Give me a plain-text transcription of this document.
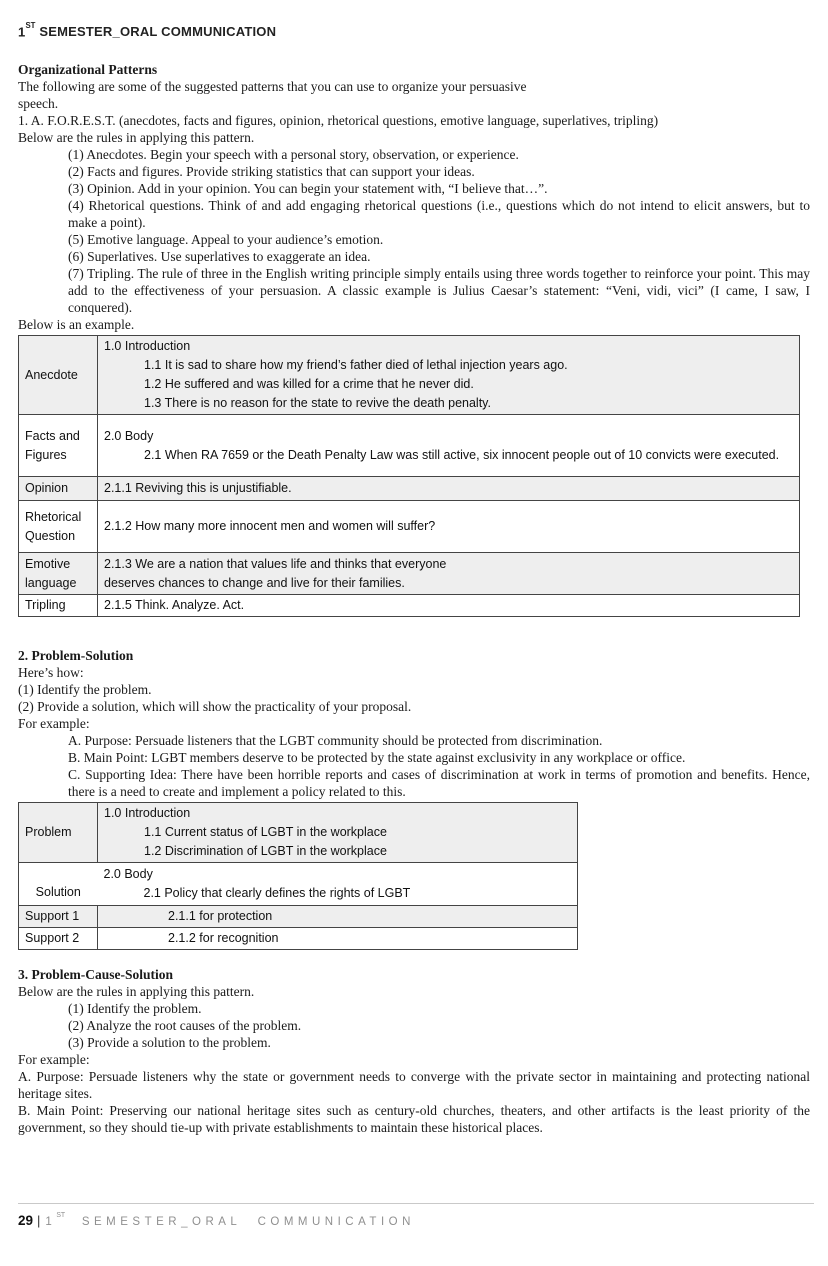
1ST SEMESTER_ORAL COMMUNICATION
Organizational Patterns
The following are some of the suggested patterns that you can use to organize your persuasive
speech.
1. A. F.O.R.E.S.T. (anecdotes, facts and figures, opinion, rhetorical questions, emotive language, superlatives, tripling)
Below are the rules in applying this pattern.
(1) Anecdotes. Begin your speech with a personal story, observation, or experience.
(2) Facts and figures. Provide striking statistics that can support your ideas.
(3) Opinion. Add in your opinion. You can begin your statement with, “I believe that…”.
(4) Rhetorical questions. Think of and add engaging rhetorical questions (i.e., questions which do not intend to elicit answers, but to make a point).
(5) Emotive language. Appeal to your audience’s emotion.
(6) Superlatives. Use superlatives to exaggerate an idea.
(7) Tripling. The rule of three in the English writing principle simply entails using three words together to reinforce your point. This may add to the effectiveness of your persuasion. A classic example is Julius Caesar’s statement: “Veni, vidi, vici” (I came, I saw, I conquered).
Below is an example.
Anecdote	1.0 Introduction
1.1 It is sad to share how my friend’s father died of lethal injection years ago.
1.2 He suffered and was killed for a crime that he never did.
1.3 There is no reason for the state to revive the death penalty.

Facts and Figures	2.0 Body
2.1 When RA 7659 or the Death Penalty Law was still active, six innocent people out of 10 convicts were executed.

Opinion	2.1.1 Reviving this is unjustifiable.

Rhetorical Question	2.1.2 How many more innocent men and women will suffer?

Emotive language	2.1.3 We are a nation that values life and thinks that everyone
deserves chances to change and live for their families.

Tripling	2.1.5 Think. Analyze. Act.
2. Problem-Solution
Here’s how:
(1) Identify the problem.
(2) Provide a solution, which will show the practicality of your proposal.
For example:
A. Purpose: Persuade listeners that the LGBT community should be protected from discrimination.
B. Main Point: LGBT members deserve to be protected by the state against exclusivity in any workplace or office.
C. Supporting Idea: There have been horrible reports and cases of discrimination at work in terms of promotion and benefits. Hence, there is a need to create and implement a policy related to this.
Problem	1.0 Introduction
1.1 Current status of LGBT in the workplace
1.2 Discrimination of LGBT in the workplace

Solution	2.0 Body
2.1 Policy that clearly defines the rights of LGBT

Support 1	2.1.1 for protection

Support 2	2.1.2 for recognition
3. Problem-Cause-Solution
Below are the rules in applying this pattern.
(1) Identify the problem.
(2) Analyze the root causes of the problem.
(3) Provide a solution to the problem.
For example:
A. Purpose: Persuade listeners why the state or government needs to converge with the private sector in maintaining and protecting national heritage sites.
B. Main Point: Preserving our national heritage sites such as century-old churches, theaters, and other artifacts is the least priority of the government, so they should tie-up with private establishments to maintain these historical places.
29 | 1ST SEMESTER_ORAL COMMUNICATION
